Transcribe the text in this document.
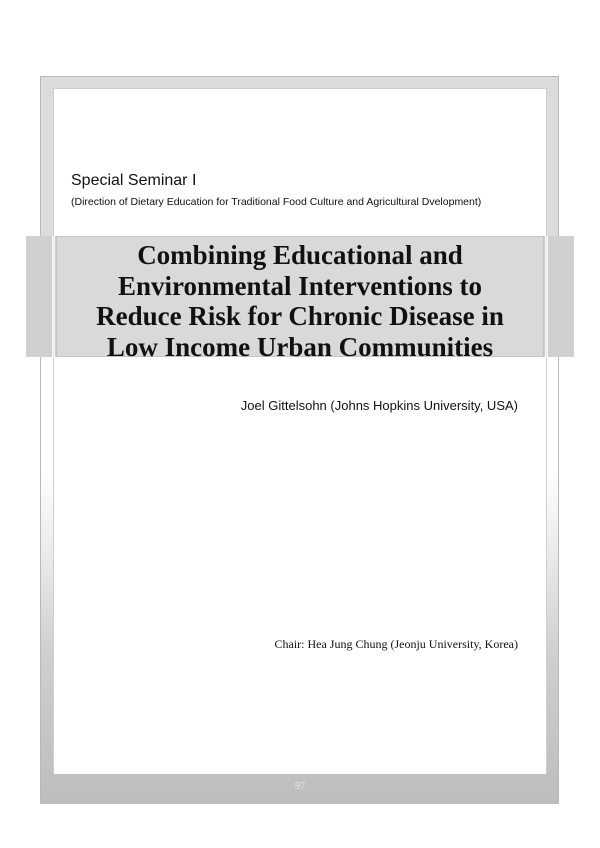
Special Seminar I
(Direction of Dietary Education for Traditional Food Culture and Agricultural Dvelopment)
Combining Educational and
Environmental Interventions to
Reduce Risk for Chronic Disease in
Low Income Urban Communities
Joel Gittelsohn (Johns Hopkins University, USA)
Chair: Hea Jung Chung (Jeonju University, Korea)
97
